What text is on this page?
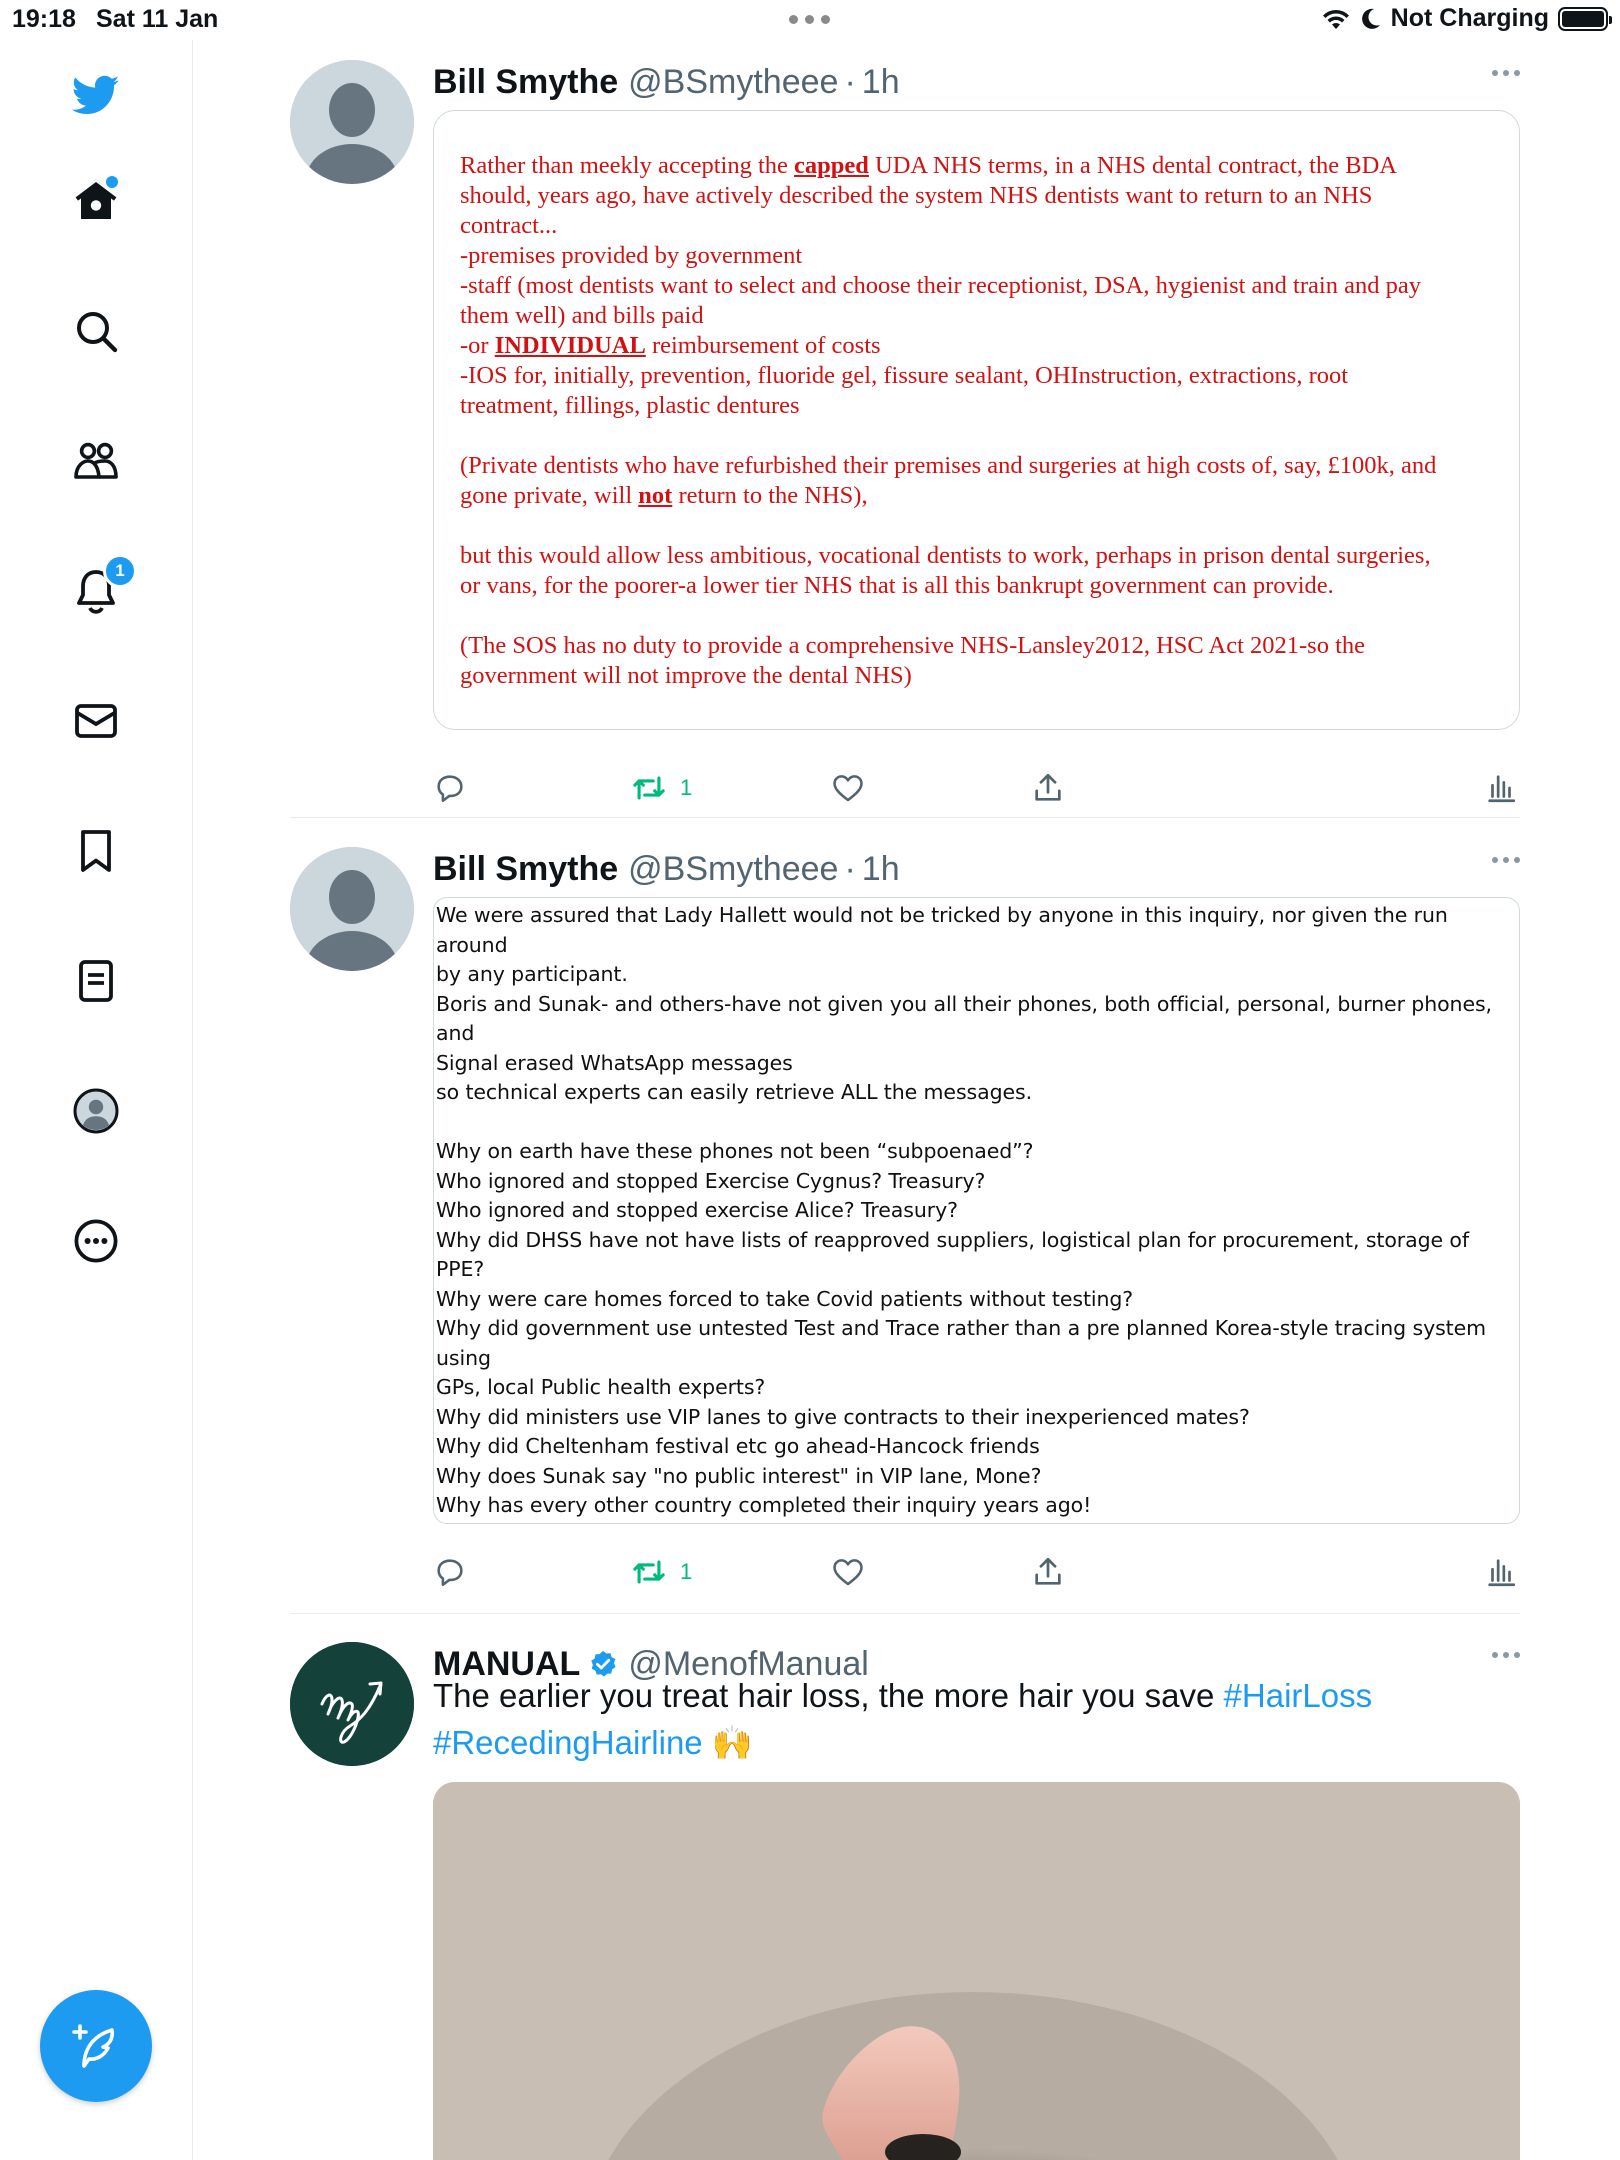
19:18 Sat 11 Jan	Not Charging
1
Bill Smythe @BSmytheee · 1h
Rather than meekly accepting the capped UDA NHS terms, in a NHS dental contract, the BDA
should, years ago, have actively described the system NHS dentists want to return to an NHS
contract...
-premises provided by government
-staff (most dentists want to select and choose their receptionist, DSA, hygienist and train and pay
them well) and bills paid
-or INDIVIDUAL reimbursement of costs
-IOS for, initially, prevention, fluoride gel, fissure sealant, OHInstruction, extractions, root
treatment, fillings, plastic dentures

(Private dentists who have refurbished their premises and surgeries at high costs of, say, £100k, and
gone private, will not return to the NHS),

but this would allow less ambitious, vocational dentists to work, perhaps in prison dental surgeries,
or vans, for the poorer-a lower tier NHS that is all this bankrupt government can provide.

(The SOS has no duty to provide a comprehensive NHS-Lansley2012, HSC Act 2021-so the
government will not improve the dental NHS)
1
Bill Smythe @BSmytheee · 1h
We were assured that Lady Hallett would not be tricked by anyone in this inquiry, nor given the run around
by any participant.
Boris and Sunak- and others-have not given you all their phones, both official, personal, burner phones, and
Signal erased WhatsApp messages
so technical experts can easily retrieve ALL the messages.

Why on earth have these phones not been “subpoenaed”?
Who ignored and stopped Exercise Cygnus? Treasury?
Who ignored and stopped exercise Alice? Treasury?
Why did DHSS have not have lists of reapproved suppliers, logistical plan for procurement, storage of PPE?
Why were care homes forced to take Covid patients without testing?
Why did government use untested Test and Trace rather than a pre planned Korea-style tracing system using
GPs, local Public health experts?
Why did ministers use VIP lanes to give contracts to their inexperienced mates?
Why did Cheltenham festival etc go ahead-Hancock friends
Why does Sunak say "no public interest" in VIP lane, Mone?
Why has every other country completed their inquiry years ago!

1
MANUAL @MenofManual
The earlier you treat hair loss, the more hair you save #HairLoss
#RecedingHairline 🙌
